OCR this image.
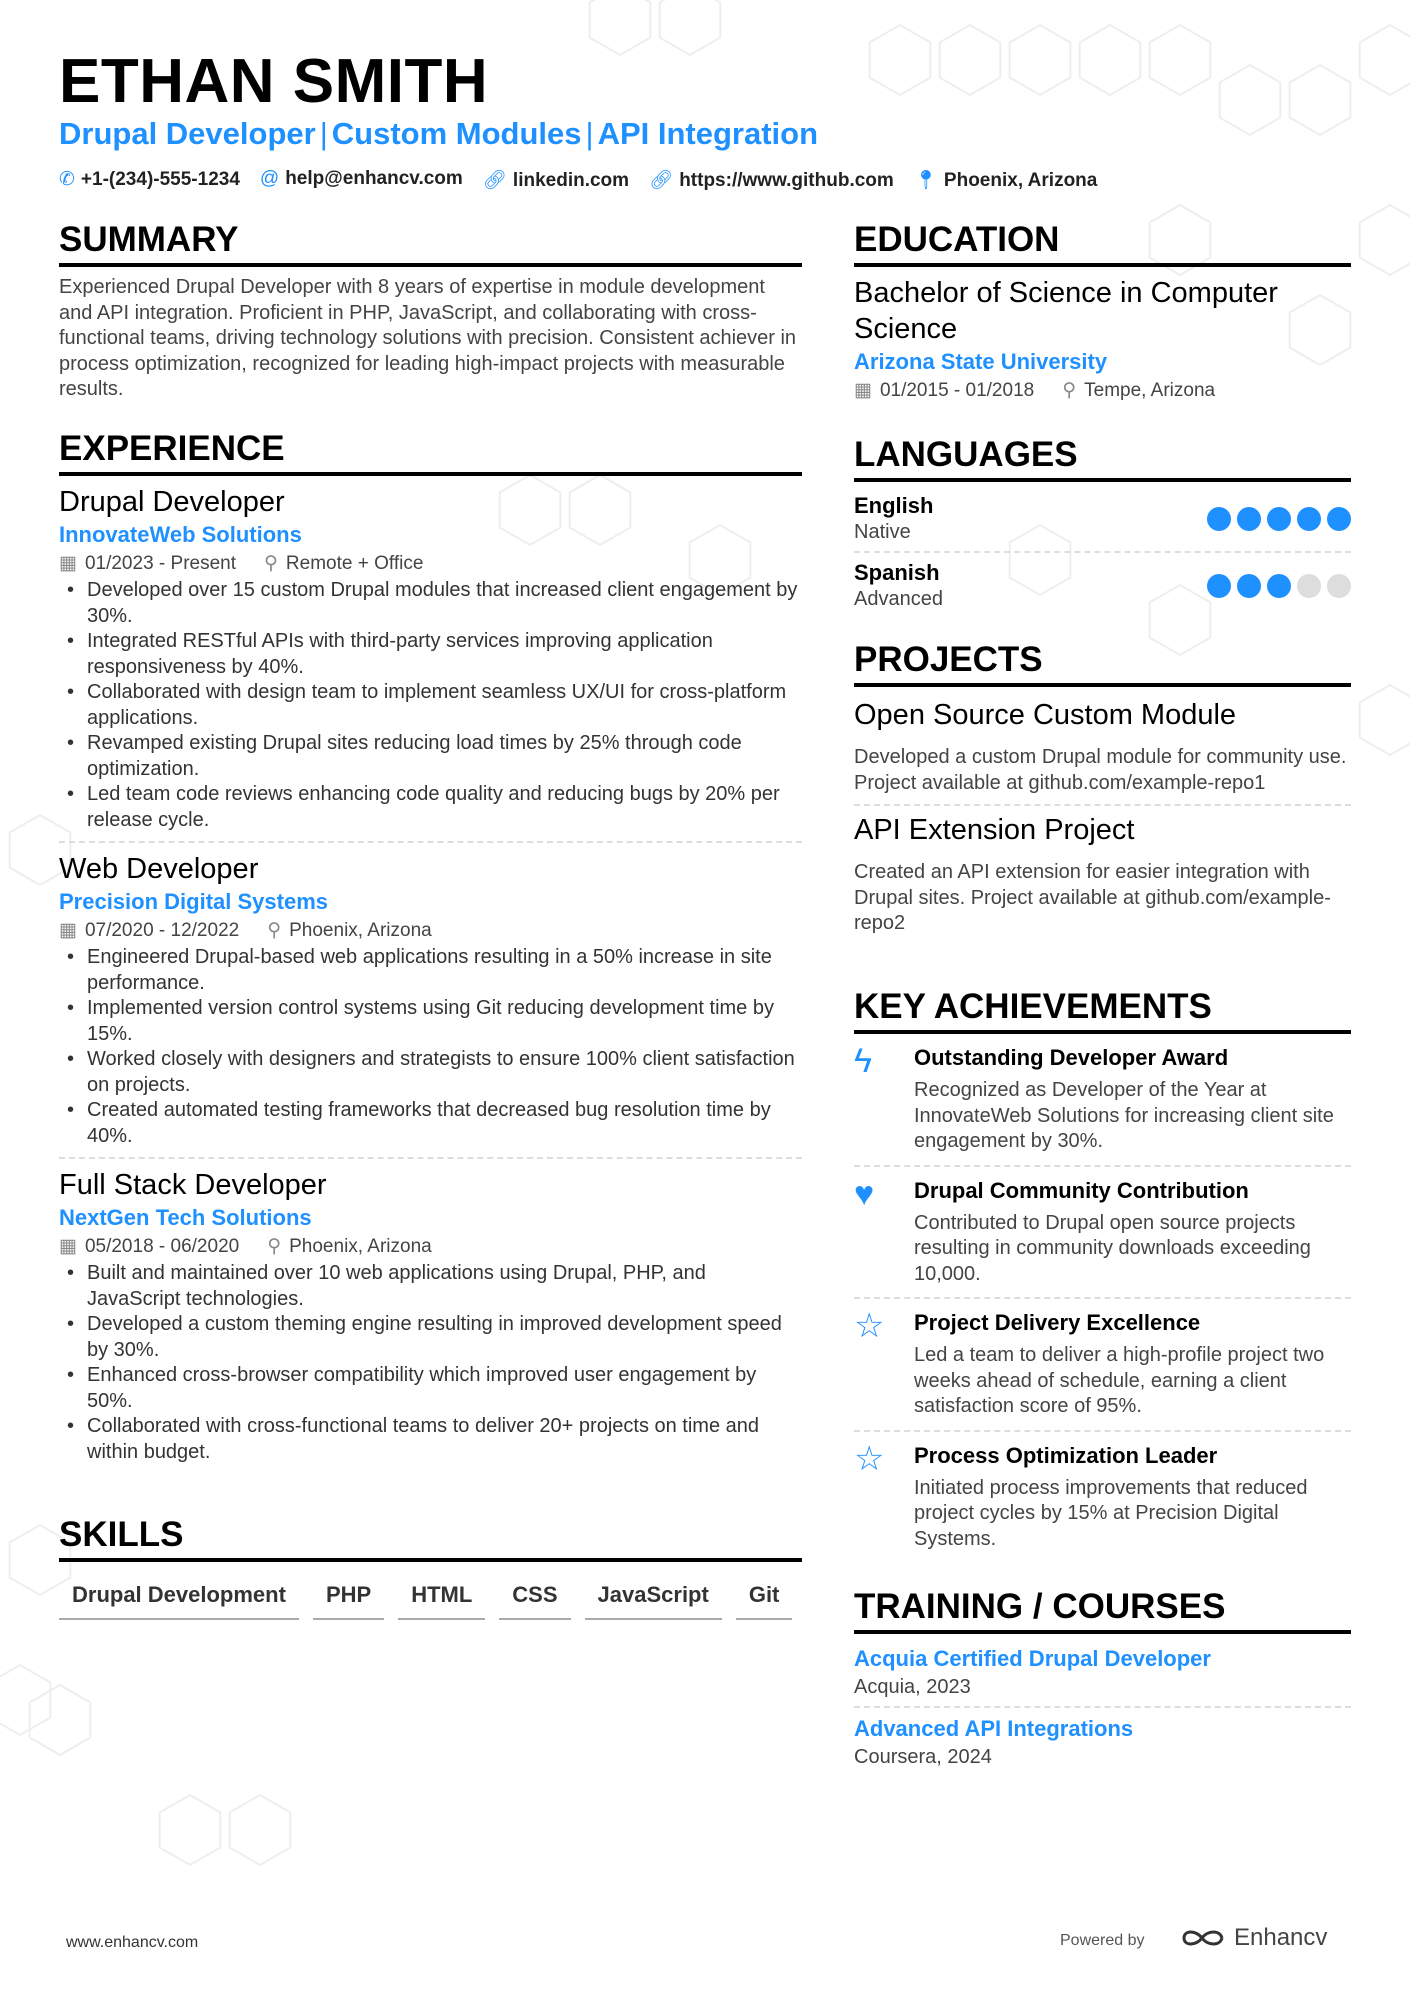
ETHAN SMITH
Drupal Developer | Custom Modules | API Integration
✆ +1-(234)-555-1234 @ help@enhancv.com 🔗︎ linkedin.com 🔗︎ https://www.github.com 📍︎ Phoenix, Arizona
SUMMARY
Experienced Drupal Developer with 8 years of expertise in module development and API integration. Proficient in PHP, JavaScript, and collaborating with cross-functional teams, driving technology solutions with precision. Consistent achiever in process optimization, recognized for leading high-impact projects with measurable results.
EXPERIENCE
Drupal Developer
InnovateWeb Solutions
▦ 01/2023 - Present ⚲ Remote + Office
• Developed over 15 custom Drupal modules that increased client engagement by 30%.
• Integrated RESTful APIs with third-party services improving application responsiveness by 40%.
• Collaborated with design team to implement seamless UX/UI for cross-platform applications.
• Revamped existing Drupal sites reducing load times by 25% through code optimization.
• Led team code reviews enhancing code quality and reducing bugs by 20% per release cycle.
Web Developer
Precision Digital Systems
▦ 07/2020 - 12/2022 ⚲ Phoenix, Arizona
• Engineered Drupal-based web applications resulting in a 50% increase in site performance.
• Implemented version control systems using Git reducing development time by 15%.
• Worked closely with designers and strategists to ensure 100% client satisfaction on projects.
• Created automated testing frameworks that decreased bug resolution time by 40%.
Full Stack Developer
NextGen Tech Solutions
▦ 05/2018 - 06/2020 ⚲ Phoenix, Arizona
• Built and maintained over 10 web applications using Drupal, PHP, and JavaScript technologies.
• Developed a custom theming engine resulting in improved development speed by 30%.
• Enhanced cross-browser compatibility which improved user engagement by 50%.
• Collaborated with cross-functional teams to deliver 20+ projects on time and within budget.
SKILLS
Drupal Development	PHP	HTML	CSS	JavaScript	Git
EDUCATION
Bachelor of Science in Computer Science
Arizona State University
▦ 01/2015 - 01/2018 ⚲ Tempe, Arizona
LANGUAGES
English
Native
Spanish
Advanced
PROJECTS
Open Source Custom Module
Developed a custom Drupal module for community use. Project available at github.com/example-repo1
API Extension Project
Created an API extension for easier integration with Drupal sites. Project available at github.com/example-repo2
KEY ACHIEVEMENTS
ϟ	Outstanding Developer Award
Recognized as Developer of the Year at InnovateWeb Solutions for increasing client site engagement by 30%.
♥	Drupal Community Contribution
Contributed to Drupal open source projects resulting in community downloads exceeding 10,000.
☆	Project Delivery Excellence
Led a team to deliver a high-profile project two weeks ahead of schedule, earning a client satisfaction score of 95%.
☆	Process Optimization Leader
Initiated process improvements that reduced project cycles by 15% at Precision Digital Systems.
TRAINING / COURSES
Acquia Certified Drupal Developer
Acquia, 2023
Advanced API Integrations
Coursera, 2024
www.enhancv.com	Powered by	Enhancv
